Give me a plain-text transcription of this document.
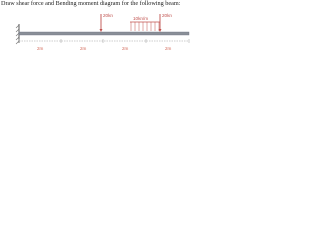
Draw shear force and Bending moment diagram for the following beam:
20kn
10kn/m
20kn
2m	2m	2m	2m
